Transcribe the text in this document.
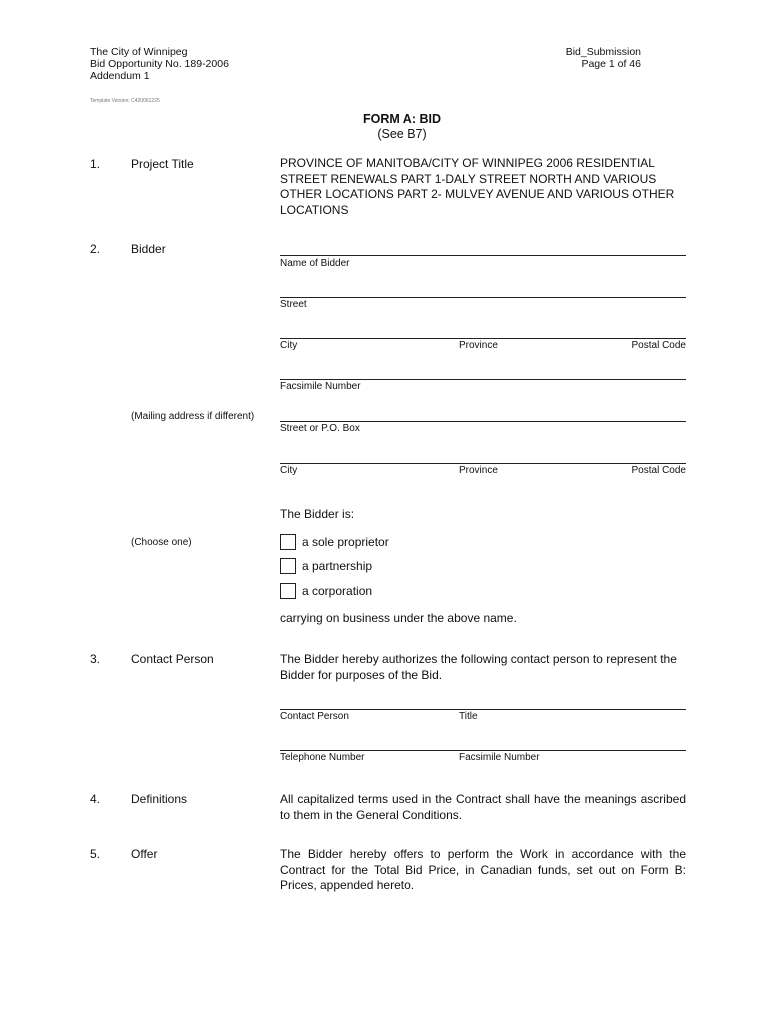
The City of Winnipeg
Bid Opportunity No. 189-2006
Addendum 1
Bid_Submission
Page 1 of 46
Template Version: C420061225
FORM A: BID
(See B7)
1.	Project Title	PROVINCE OF MANITOBA/CITY OF WINNIPEG 2006 RESIDENTIAL STREET RENEWALS PART 1-DALY STREET NORTH AND VARIOUS OTHER LOCATIONS PART 2- MULVEY AVENUE AND VARIOUS OTHER LOCATIONS
2.	Bidder
Name of Bidder
Street
City	Province	Postal Code
Facsimile Number
(Mailing address if different)
Street or P.O. Box
City	Province	Postal Code
The Bidder is:
(Choose one)	a sole proprietor
a partnership
a corporation
carrying on business under the above name.
3.	Contact Person	The Bidder hereby authorizes the following contact person to represent the Bidder for purposes of the Bid.
Contact Person	Title
Telephone Number	Facsimile Number
4.	Definitions	All capitalized terms used in the Contract shall have the meanings ascribed to them in the General Conditions.
5.	Offer	The Bidder hereby offers to perform the Work in accordance with the Contract for the Total Bid Price, in Canadian funds, set out on Form B: Prices, appended hereto.
